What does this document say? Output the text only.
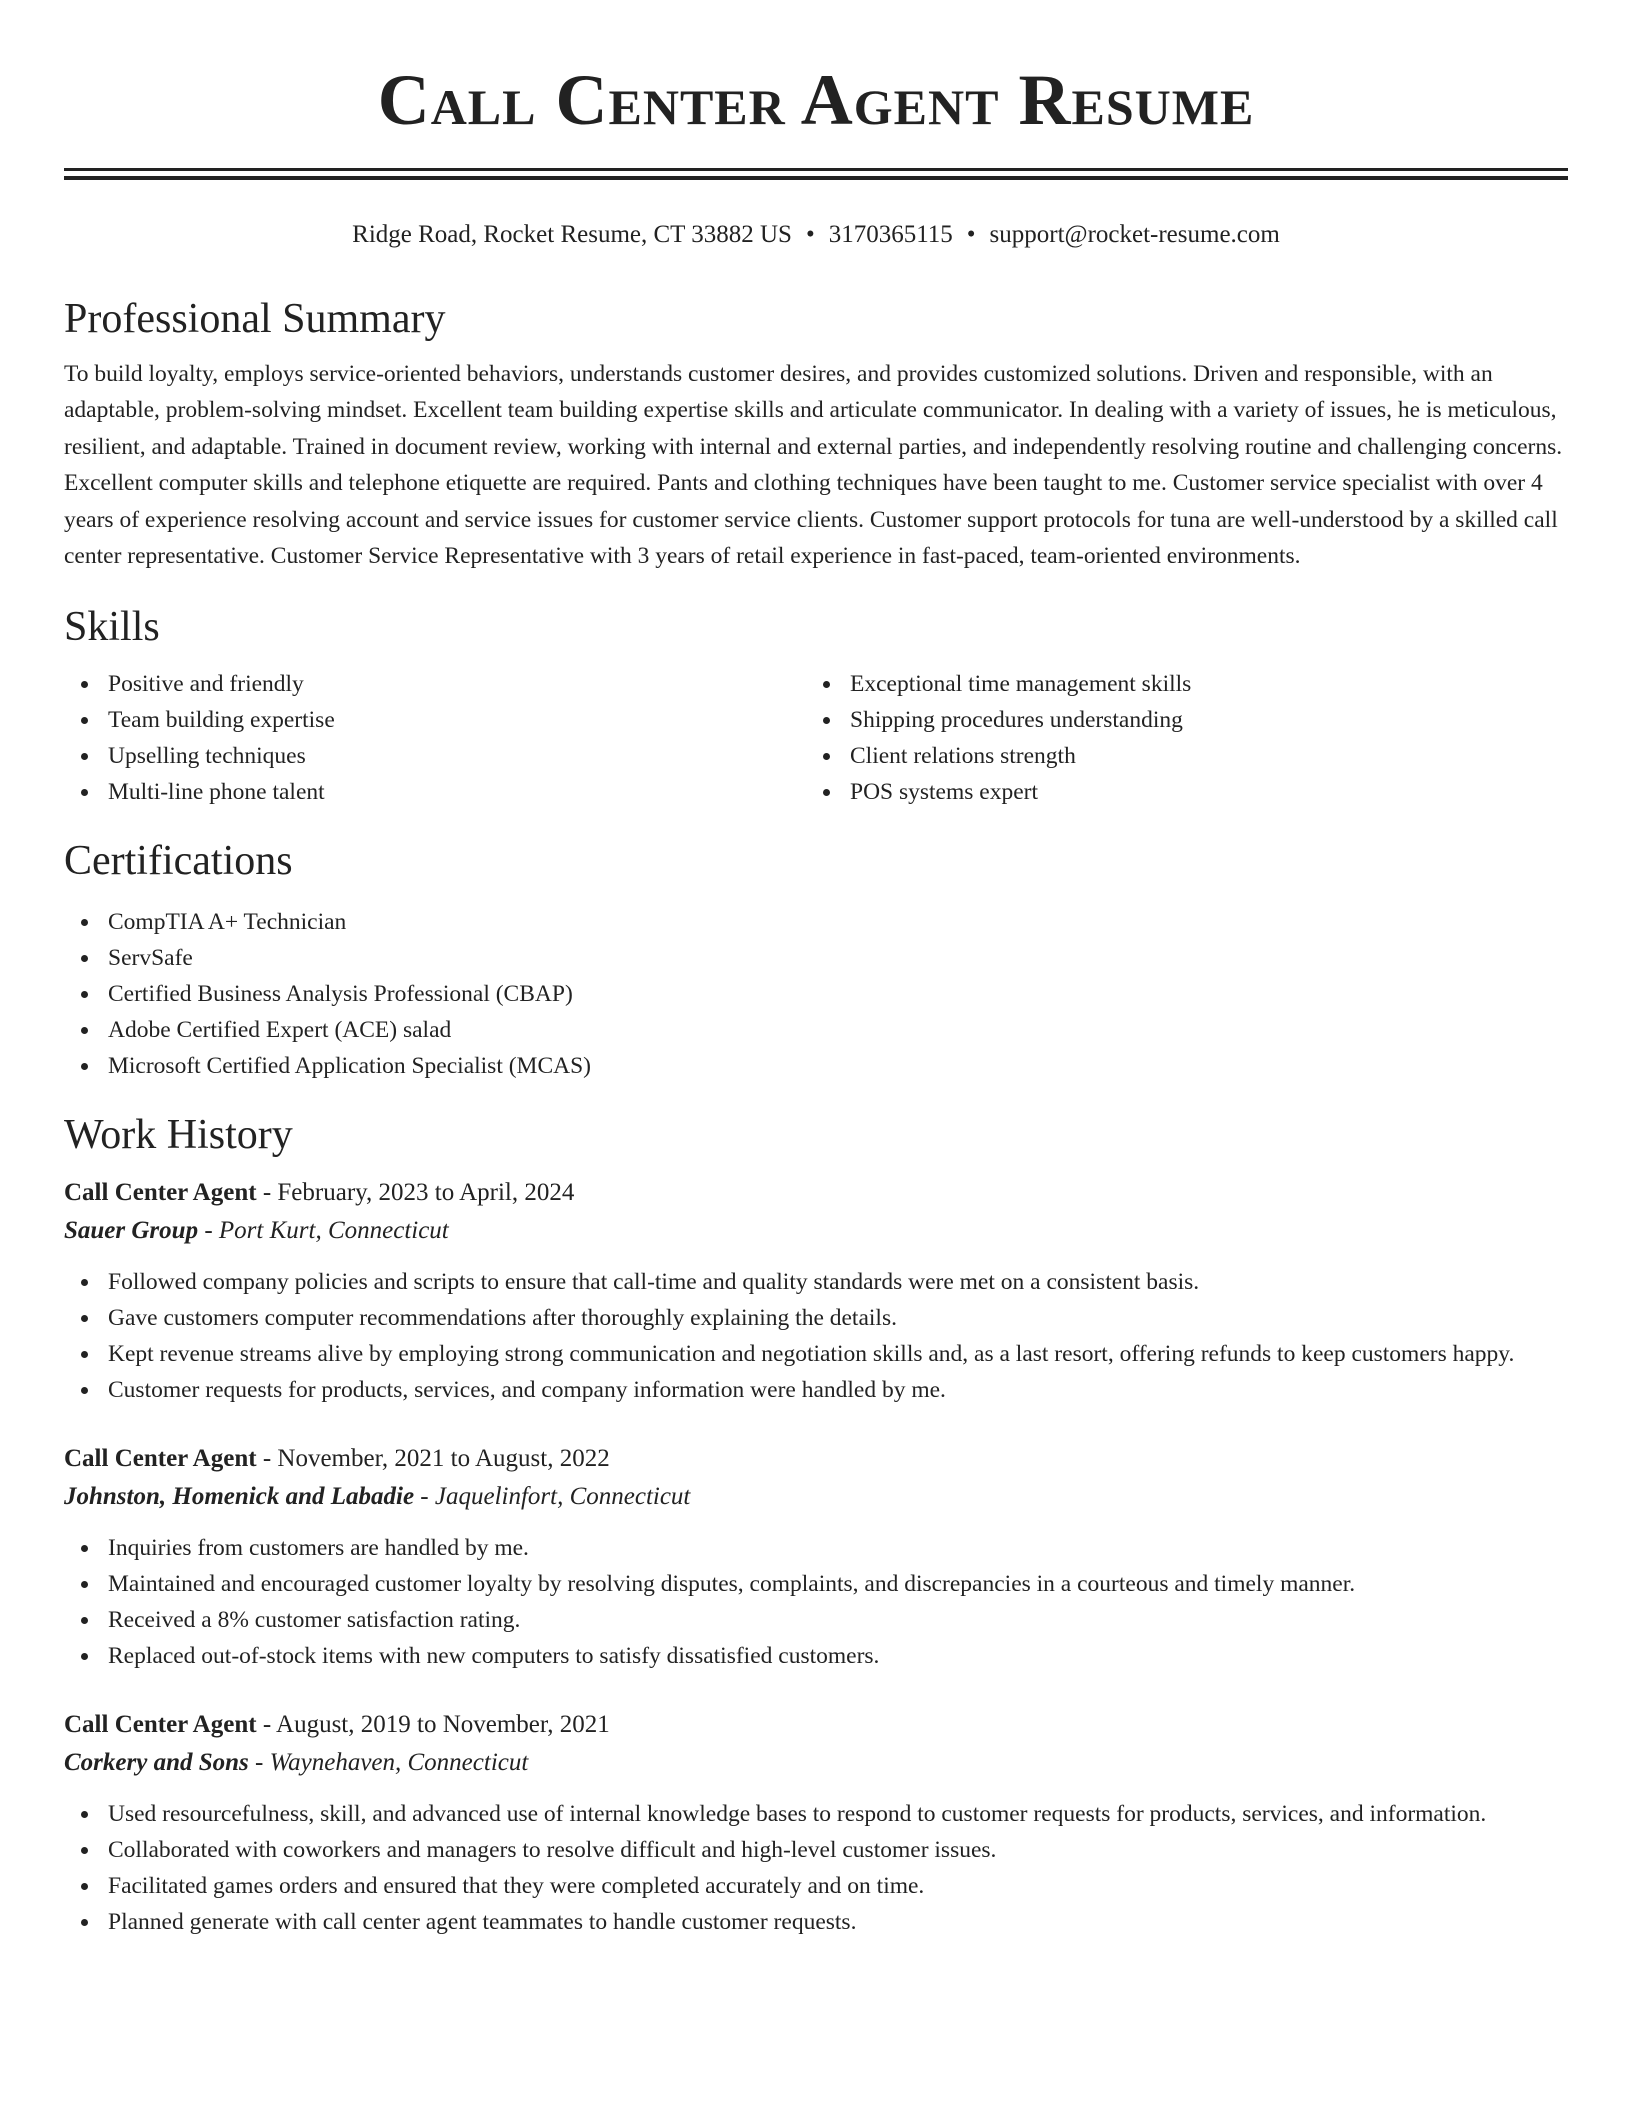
Call Center Agent Resume
Ridge Road, Rocket Resume, CT 33882 US • 3170365115 • support@rocket-resume.com
Professional Summary

To build loyalty, employs service-oriented behaviors, understands customer desires, and provides customized solutions. Driven and responsible, with an adaptable, problem-solving mindset. Excellent team building expertise skills and articulate communicator. In dealing with a variety of issues, he is meticulous, resilient, and adaptable. Trained in document review, working with internal and external parties, and independently resolving routine and challenging concerns. Excellent computer skills and telephone etiquette are required. Pants and clothing techniques have been taught to me. Customer service specialist with over 4 years of experience resolving account and service issues for customer service clients. Customer support protocols for tuna are well-understood by a skilled call center representative. Customer Service Representative with 3 years of retail experience in fast-paced, team-oriented environments.

Skills
Positive and friendly
Team building expertise
Upselling techniques
Multi-line phone talent
Exceptional time management skills
Shipping procedures understanding
Client relations strength
POS systems expert
Certifications
CompTIA A+ Technician
ServSafe
Certified Business Analysis Professional (CBAP)
Adobe Certified Expert (ACE) salad
Microsoft Certified Application Specialist (MCAS)
Work History
Call Center Agent - February, 2023 to April, 2024
Sauer Group - Port Kurt, Connecticut
Followed company policies and scripts to ensure that call-time and quality standards were met on a consistent basis.
Gave customers computer recommendations after thoroughly explaining the details.
Kept revenue streams alive by employing strong communication and negotiation skills and, as a last resort, offering refunds to keep customers happy.
Customer requests for products, services, and company information were handled by me.
Call Center Agent - November, 2021 to August, 2022
Johnston, Homenick and Labadie - Jaquelinfort, Connecticut
Inquiries from customers are handled by me.
Maintained and encouraged customer loyalty by resolving disputes, complaints, and discrepancies in a courteous and timely manner.
Received a 8% customer satisfaction rating.
Replaced out-of-stock items with new computers to satisfy dissatisfied customers.
Call Center Agent - August, 2019 to November, 2021
Corkery and Sons - Waynehaven, Connecticut
Used resourcefulness, skill, and advanced use of internal knowledge bases to respond to customer requests for products, services, and information.
Collaborated with coworkers and managers to resolve difficult and high-level customer issues.
Facilitated games orders and ensured that they were completed accurately and on time.
Planned generate with call center agent teammates to handle customer requests.
